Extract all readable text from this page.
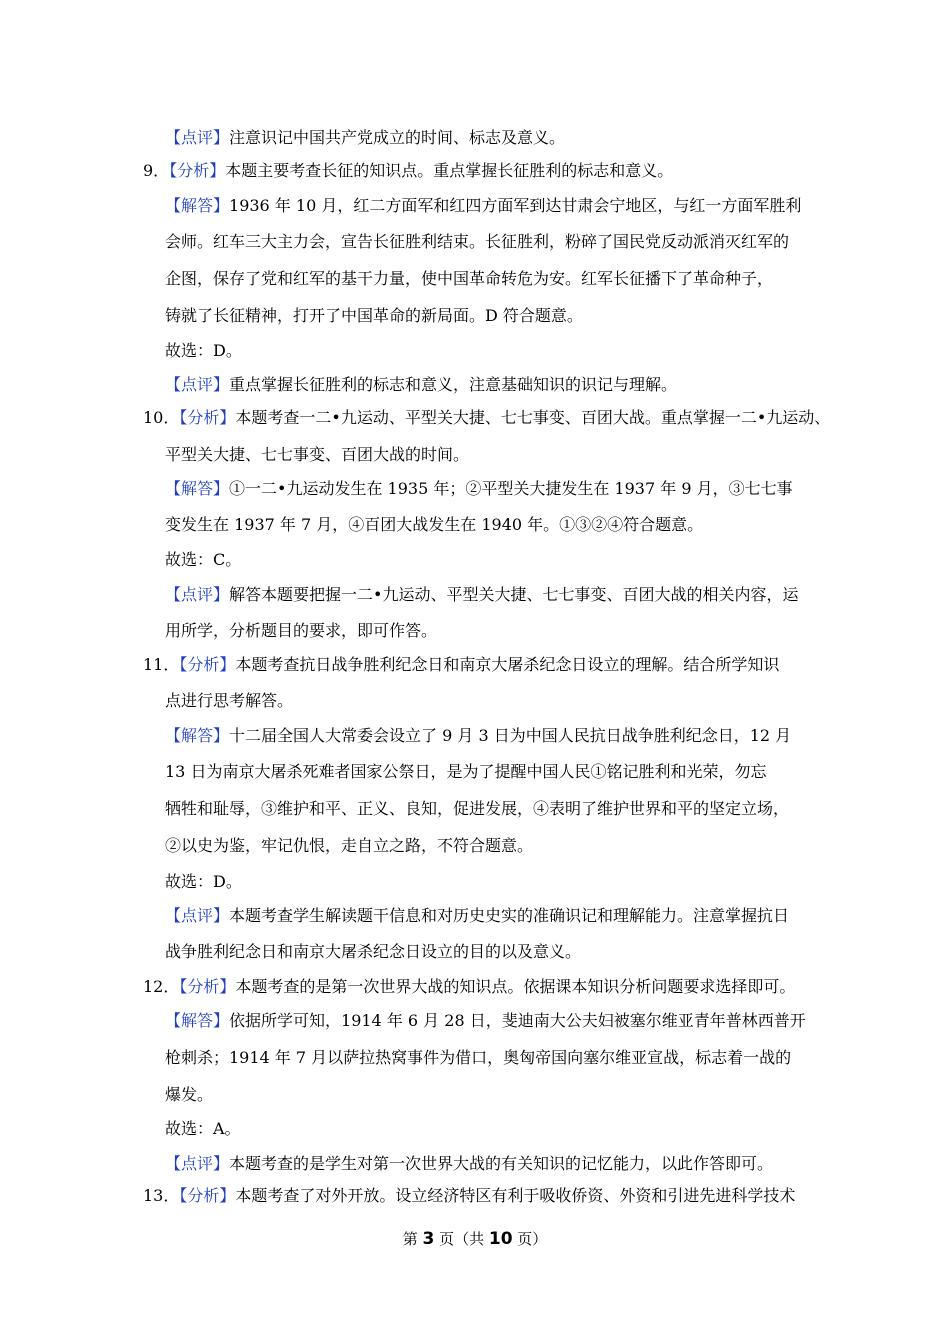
【点评】注意识记中国共产党成立的时间、标志及意义。
9．【分析】本题主要考查长征的知识点。重点掌握长征胜利的标志和意义。
【解答】1936 年 10 月，红二方面军和红四方面军到达甘肃会宁地区，与红一方面军胜利
会师。红车三大主力会，宣告长征胜利结束。长征胜利，粉碎了国民党反动派消灭红军的
企图，保存了党和红军的基干力量，使中国革命转危为安。红军长征播下了革命种子，
铸就了长征精神，打开了中国革命的新局面。D 符合题意。
故选：D。
【点评】重点掌握长征胜利的标志和意义，注意基础知识的识记与理解。
10．【分析】本题考查一二•九运动、平型关大捷、七七事变、百团大战。重点掌握一二•九运动、
平型关大捷、七七事变、百团大战的时间。
【解答】①一二•九运动发生在 1935 年；②平型关大捷发生在 1937 年 9 月，③七七事
变发生在 1937 年 7 月，④百团大战发生在 1940 年。①③②④符合题意。
故选：C。
【点评】解答本题要把握一二•九运动、平型关大捷、七七事变、百团大战的相关内容，运
用所学，分析题目的要求，即可作答。
11．【分析】本题考查抗日战争胜利纪念日和南京大屠杀纪念日设立的理解。结合所学知识
点进行思考解答。
【解答】十二届全国人大常委会设立了 9 月 3 日为中国人民抗日战争胜利纪念日，12 月
13 日为南京大屠杀死难者国家公祭日，是为了提醒中国人民①铭记胜利和光荣，勿忘
牺牲和耻辱，③维护和平、正义、良知，促进发展，④表明了维护世界和平的坚定立场，
②以史为鉴，牢记仇恨，走自立之路，不符合题意。
故选：D。
【点评】本题考查学生解读题干信息和对历史史实的准确识记和理解能力。注意掌握抗日
战争胜利纪念日和南京大屠杀纪念日设立的目的以及意义。
12．【分析】本题考查的是第一次世界大战的知识点。依据课本知识分析问题要求选择即可。
【解答】依据所学可知，1914 年 6 月 28 日，斐迪南大公夫妇被塞尔维亚青年普林西普开
枪刺杀；1914 年 7 月以萨拉热窝事件为借口，奥匈帝国向塞尔维亚宣战，标志着一战的
爆发。
故选：A。
【点评】本题考查的是学生对第一次世界大战的有关知识的记忆能力，以此作答即可。
13．【分析】本题考查了对外开放。设立经济特区有利于吸收侨资、外资和引进先进科学技术
第 3 页（共 10 页）
